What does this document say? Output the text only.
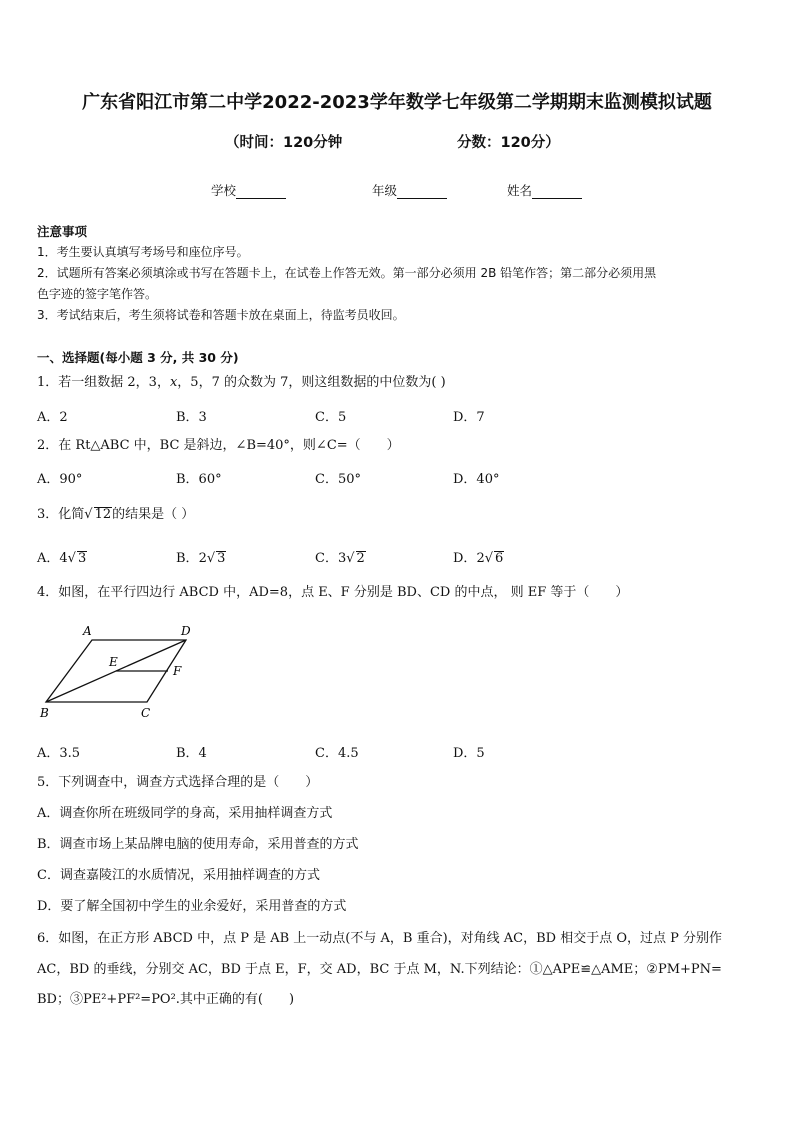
广东省阳江市第二中学2022-2023学年数学七年级第二学期期末监测模拟试题
（时间：120分钟	分数：120分）
学校	年级	姓名
注意事项
1．考生要认真填写考场号和座位序号。
2．试题所有答案必须填涂或书写在答题卡上，在试卷上作答无效。第一部分必须用 2B 铅笔作答；第二部分必须用黑
色字迹的签字笔作答。
3．考试结束后，考生须将试卷和答题卡放在桌面上，待监考员收回。
一、选择题(每小题 3 分, 共 30 分)
1．若一组数据 2，3，x，5，7 的众数为 7，则这组数据的中位数为( )
A．2	B．3	C．5	D．7
2．在 Rt△ABC 中，BC 是斜边，∠B=40°，则∠C=（　　）
A．90°	B．60°	C．50°	D．40°
3．化简√ 12的结果是（ ）
A．4√ 3	B．2√ 3	C．3√ 2	D．2√ 6
4．如图，在平行四边行 ABCD 中，AD=8，点 E、F 分别是 BD、CD 的中点， 则 EF 等于（　　）
A	D
E
F
B	C
A．3.5	B．4	C．4.5	D．5
5．下列调查中，调查方式选择合理的是（　　）
A．调查你所在班级同学的身高，采用抽样调查方式
B．调查市场上某品牌电脑的使用寿命，采用普查的方式
C．调查嘉陵江的水质情况，采用抽样调查的方式
D．要了解全国初中学生的业余爱好，采用普查的方式
6．如图，在正方形 ABCD 中，点 P 是 AB 上一动点(不与 A，B 重合)，对角线 AC，BD 相交于点 O，过点 P 分别作
AC，BD 的垂线，分别交 AC，BD 于点 E，F，交 AD，BC 于点 M，N.下列结论：①△APE≌△AME；②PM+PN=
BD；③PE²+PF²=PO².其中正确的有(　　)
